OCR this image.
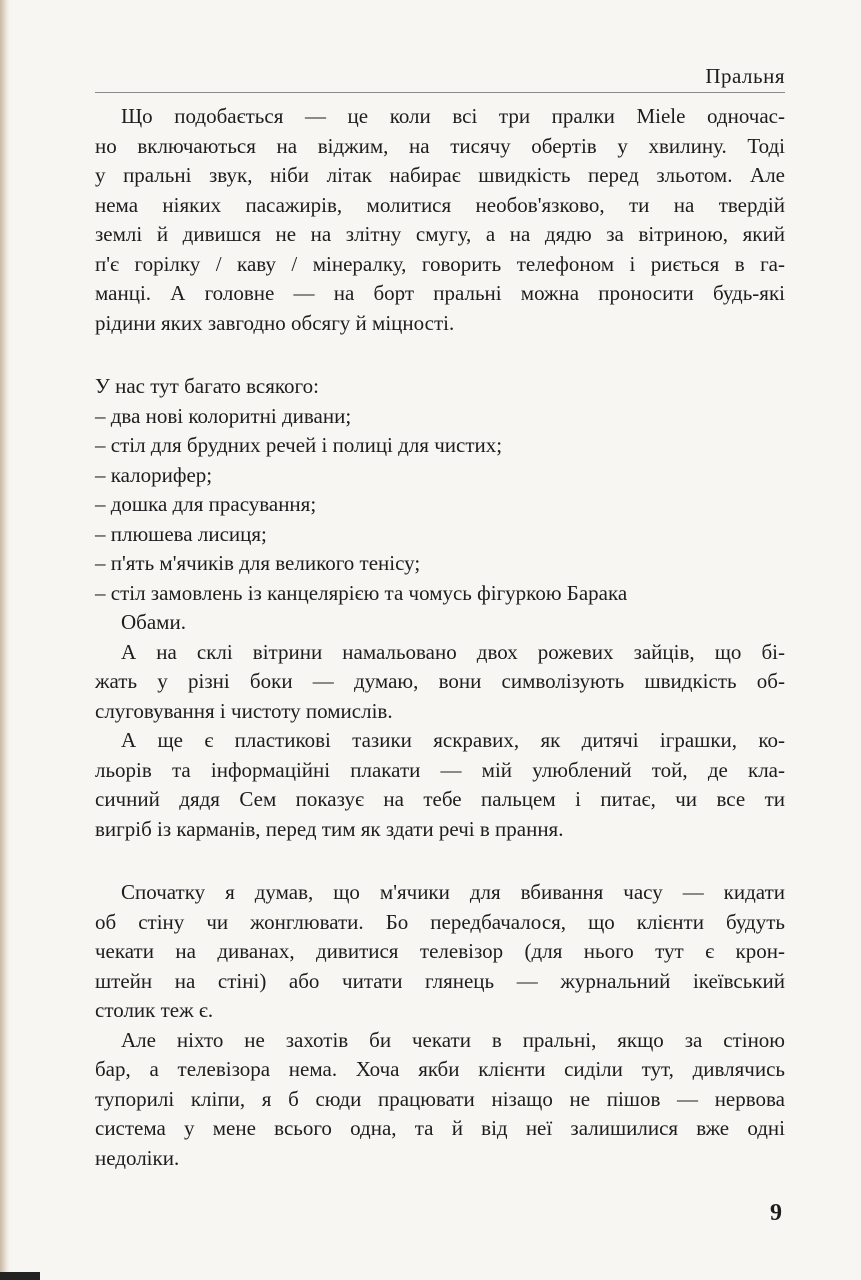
Пральня
Що подобається — це коли всі три пралки Miele одночас-
но включаються на віджим, на тисячу обертів у хвилину. Тоді
у пральні звук, ніби літак набирає швидкість перед зльотом. Але
нема ніяких пасажирів, молитися необов'язково, ти на твердій
землі й дивишся не на злітну смугу, а на дядю за вітриною, який
п'є горілку / каву / мінералку, говорить телефоном і риється в га-
манці. А головне — на борт пральні можна проносити будь-які
рідини яких завгодно обсягу й міцності.
У нас тут багато всякого:
– два нові колоритні дивани;
– стіл для брудних речей і полиці для чистих;
– калорифер;
– дошка для прасування;
– плюшева лисиця;
– п'ять м'ячиків для великого тенісу;
– стіл замовлень із канцелярією та чомусь фігуркою Барака
Обами.
А на склі вітрини намальовано двох рожевих зайців, що бі-
жать у різні боки — думаю, вони символізують швидкість об-
слуговування і чистоту помислів.
А ще є пластикові тазики яскравих, як дитячі іграшки, ко-
льорів та інформаційні плакати — мій улюблений той, де кла-
сичний дядя Сем показує на тебе пальцем і питає, чи все ти
вигріб із карманів, перед тим як здати речі в прання.
Спочатку я думав, що м'ячики для вбивання часу — кидати
об стіну чи жонглювати. Бо передбачалося, що клієнти будуть
чекати на диванах, дивитися телевізор (для нього тут є крон-
штейн на стіні) або читати глянець — журнальний ікеївський
столик теж є.
Але ніхто не захотів би чекати в пральні, якщо за стіною
бар, а телевізора нема. Хоча якби клієнти сиділи тут, дивлячись
тупорилі кліпи, я б сюди працювати нізащо не пішов — нервова
система у мене всього одна, та й від неї залишилися вже одні
недоліки.
9
